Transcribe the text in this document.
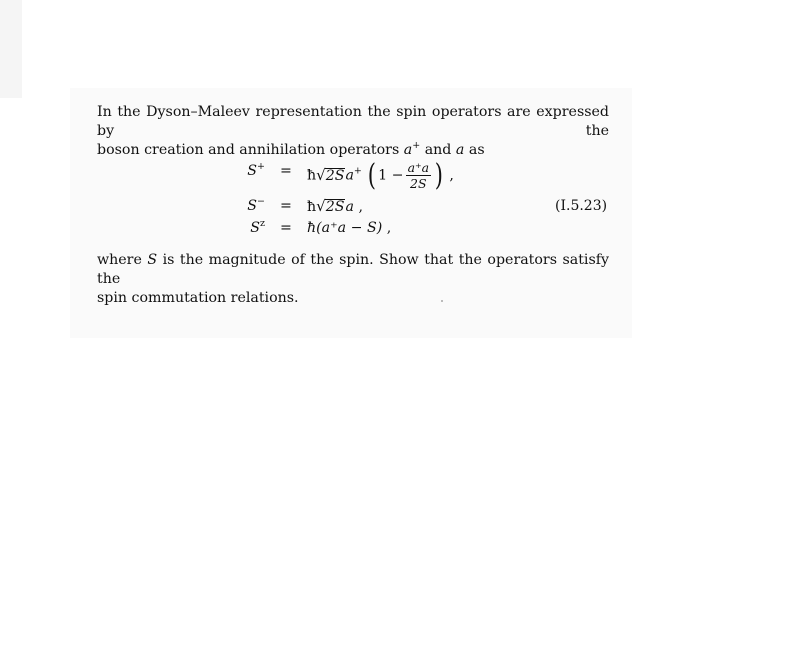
In the Dyson–Maleev representation the spin operators are expressed by the
boson creation and annihilation operators a+ and a as

S+ = ħ√2Sa+ ( $1 - \frac{a^+a}{2S}$ ) ,
S− = ħ√2Sa ,	(I.5.23)
$S^z$ = ħ(a⁺a − S) ,

where S is the magnitude of the spin. Show that the operators satisfy the
spin commutation relations.
